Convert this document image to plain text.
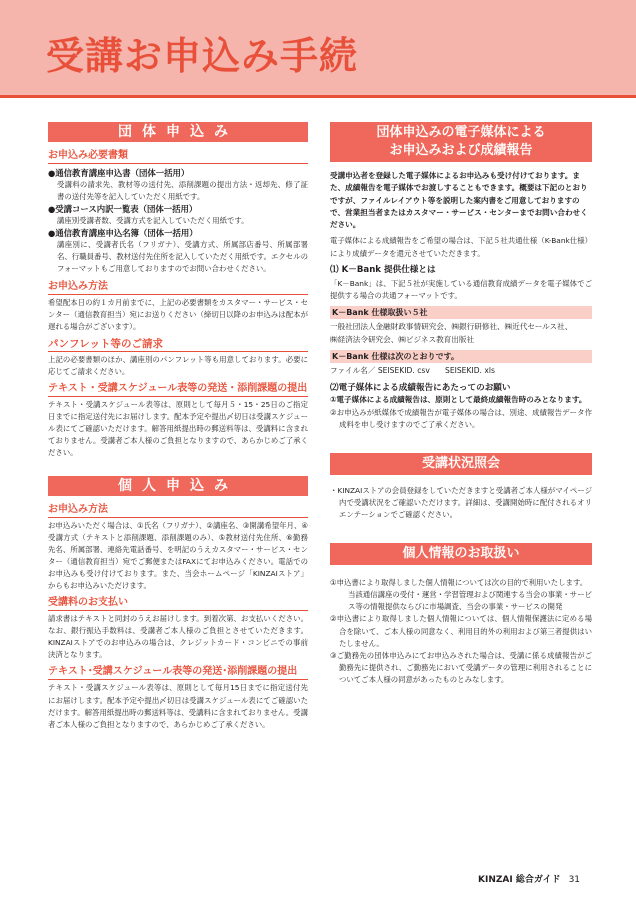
受講お申込み手続
団体申込み
お申込み必要書類
●通信教育講座申込書（団体一括用）
受講料の請求先、教材等の送付先、添削課題の提出方法・返却先、修了証書の送付先等を記入していただく用紙です。
●受講コース内訳一覧表（団体一括用）
講座別受講者数、受講方式を記入していただく用紙です。
●通信教育講座申込名簿（団体一括用）
講座別に、受講者氏名（フリガナ）、受講方式、所属部店番号、所属部署名、行職員番号、教材送付先住所を記入していただく用紙です。エクセルのフォーマットもご用意しておりますのでお問い合わせください。
お申込み方法
希望配本日の約１カ月前までに、上記の必要書類をカスタマー・サービス・センター（通信教育担当）宛にお送りください（締切日以降のお申込みは配本が遅れる場合がございます）。
パンフレット等のご請求
上記の必要書類のほか、講座別のパンフレット等も用意しております。必要に応じてご請求ください。
テキスト・受講スケジュール表等の発送・添削課題の提出
テキスト・受講スケジュール表等は、原則として毎月５・15・25日のご指定日までに指定送付先にお届けします。配本予定や提出〆切日は受講スケジュール表にてご確認いただけます。解答用紙提出時の郵送料等は、受講料に含まれておりません。受講者ご本人様のご負担となりますので、あらかじめご了承ください。
個人申込み
お申込み方法
お申込みいただく場合は、①氏名（フリガナ）、②講座名、③開講希望年月、④受講方式（テキストと添削課題、添削課題のみ）、⑤教材送付先住所、⑥勤務先名、所属部署、連絡先電話番号、を明記のうえカスタマー・サービス・センター（通信教育担当）宛でご郵便またはFAXにてお申込みください。電話でのお申込みも受け付けております。また、当会ホームページ「KINZAIストア」からもお申込みいただけます。
受講料のお支払い
請求書はテキストと同封のうえお届けします。到着次第、お支払いください。なお、銀行振込手数料は、受講者ご本人様のご負担とさせていただきます。KINZAIストアでのお申込みの場合は、クレジットカード・コンビニでの事前決済となります。
テキスト･受講スケジュール表等の発送･添削課題の提出
テキスト・受講スケジュール表等は、原則として毎月15日までに指定送付先にお届けします。配本予定や提出〆切日は受講スケジュール表にてご確認いただけます。解答用紙提出時の郵送料等は、受講料に含まれておりません。受講者ご本人様のご負担となりますので、あらかじめご了承ください。
団体申込みの電子媒体による
お申込みおよび成績報告
受講申込者を登録した電子媒体によるお申込みも受け付けております。また、成績報告を電子媒体でお渡しすることもできます。概要は下記のとおりですが、ファイルレイアウト等を説明した案内書をご用意しておりますので、営業担当者またはカスタマー・サービス・センターまでお問い合わせください。
電子媒体による成績報告をご希望の場合は、下記５社共通仕様（K-Bank仕様）により成績データを還元させていただきます。
⑴ K－Bank 提供仕様とは
「K－Bank」は、下記５社が実施している通信教育成績データを電子媒体でご提供する場合の共通フォーマットです。
K－Bank 仕様取扱い５社
一般社団法人金融財政事情研究会、㈱銀行研修社、㈱近代セールス社、
㈱経済法令研究会、㈱ビジネス教育出版社
K－Bank 仕様は次のとおりです。
ファイル名／ SEISEKID. csv　　SEISEKID. xls
⑵電子媒体による成績報告にあたってのお願い
①電子媒体による成績報告は、原則として最終成績報告時のみとなります。
②お申込みが紙媒体で成績報告が電子媒体の場合は、別途、成績報告データ作成料を申し受けますのでご了承ください。
受講状況照会
・KINZAIストアの会員登録をしていただきますと受講者ご本人様がマイページ内で受講状況をご確認いただけます。詳細は、受講開始時に配付されるオリエンテーションでご確認ください。
個人情報のお取扱い
①申込書により取得しました個人情報については次の目的で利用いたします。
当該通信講座の受付・運営・学習管理および関連する当会の事業・サービス等の情報提供ならびに市場調査、当会の事業・サービスの開発
②申込書により取得しました個人情報については、個人情報保護法に定める場合を除いて、ご本人様の同意なく、利用目的外の利用および第三者提供はいたしません。
③ご勤務先の団体申込みにてお申込みされた場合は、受講に係る成績報告がご勤務先に提供され、ご勤務先において受講データの管理に利用されることについてご本人様の同意があったものとみなします。
KINZAI 総合ガイド 31
